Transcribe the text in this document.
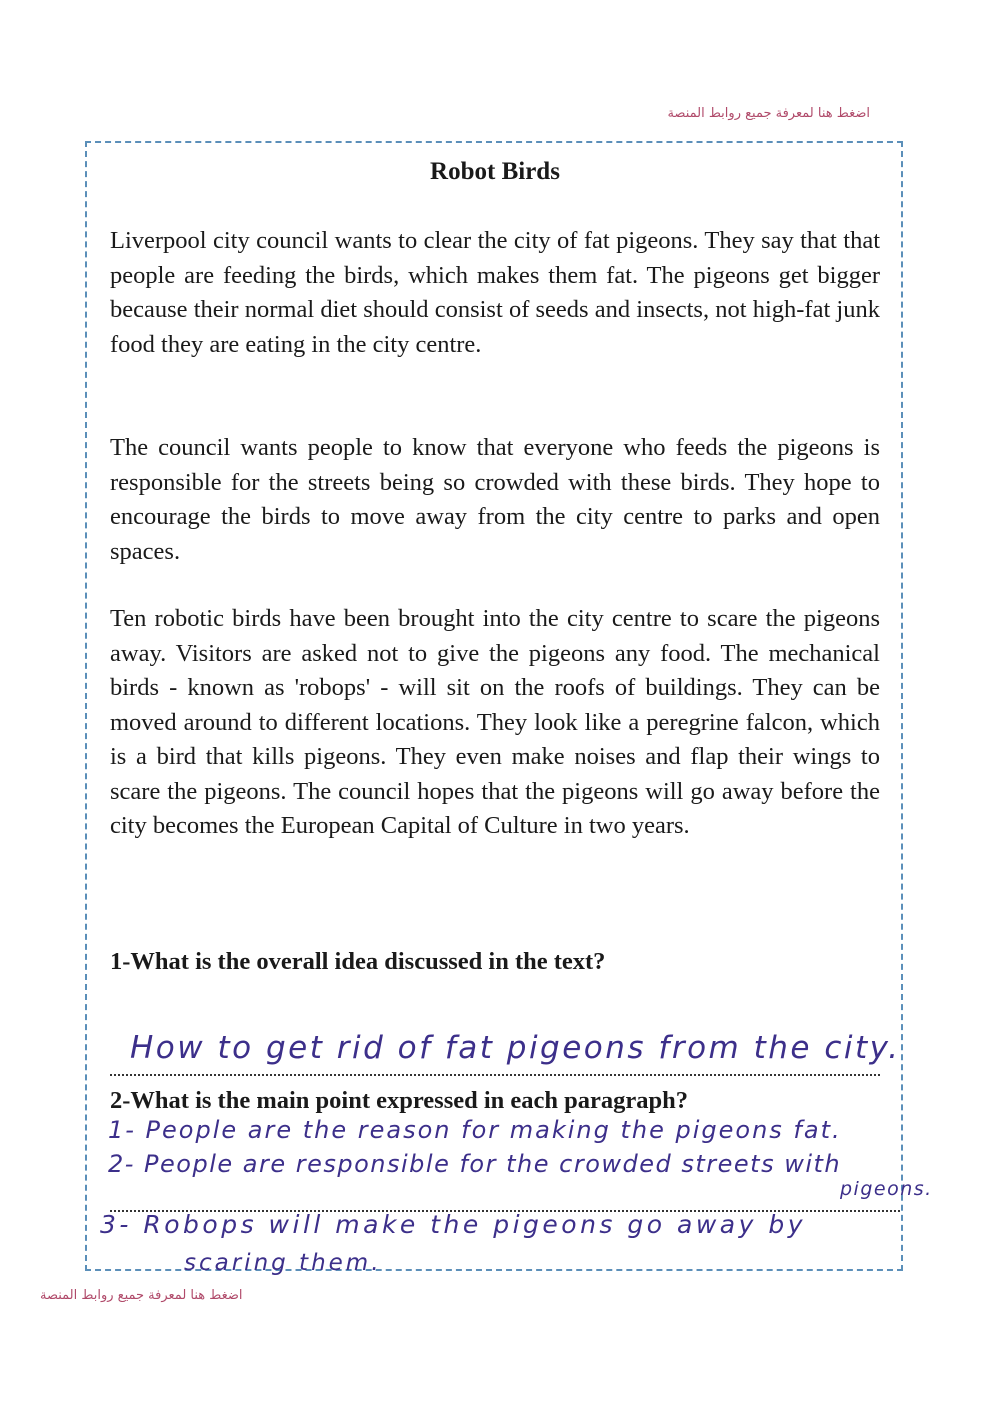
اضغط هنا لمعرفة جميع روابط المنصة
Robot Birds

Liverpool city council wants to clear the city of fat pigeons. They say that that people are feeding the birds, which makes them fat. The pigeons get bigger because their normal diet should consist of seeds and insects, not high-fat junk food they are eating in the city centre.

The council wants people to know that everyone who feeds the pigeons is responsible for the streets being so crowded with these birds. They hope to encourage the birds to move away from the city centre to parks and open spaces.

Ten robotic birds have been brought into the city centre to scare the pigeons away. Visitors are asked not to give the pigeons any food. The mechanical birds - known as 'robops' - will sit on the roofs of buildings. They can be moved around to different locations. They look like a peregrine falcon, which is a bird that kills pigeons. They even make noises and flap their wings to scare the pigeons. The council hopes that the pigeons will go away before the city becomes the European Capital of Culture in two years.

1-What is the overall idea discussed in the text?
How to get rid of fat pigeons from the city.
2-What is the main point expressed in each paragraph?
1- People are the reason for making the pigeons fat.
2- People are responsible for the crowded streets with
pigeons.
3- Robops will make the pigeons go away by
scaring them.
اضغط هنا لمعرفة جميع روابط المنصة
